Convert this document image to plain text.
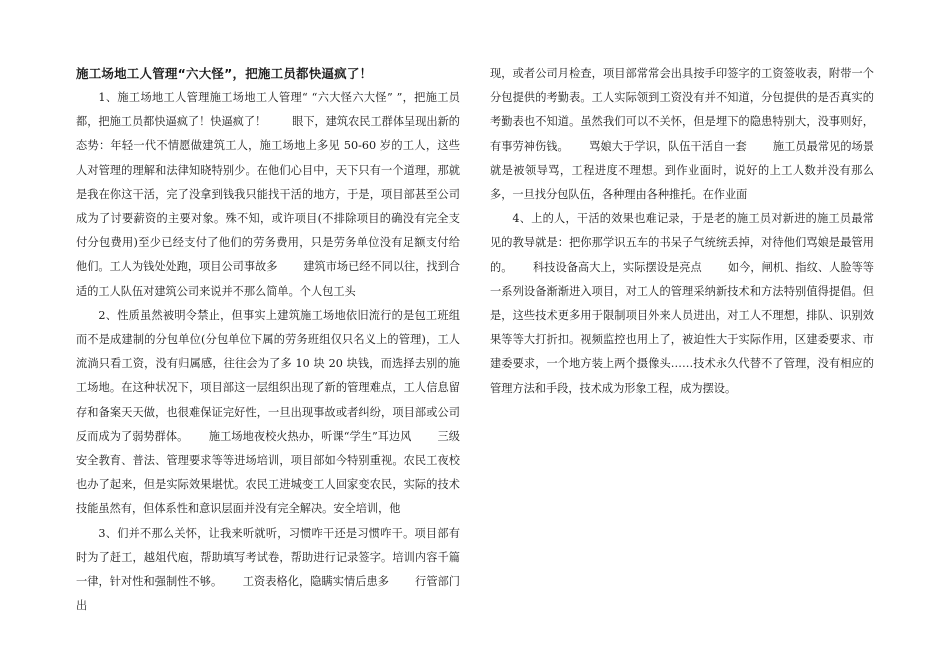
施工场地工人管理“六大怪”，把施工员都快逼疯了！

1、施工场地工人管理施工场地工人管理“ “六大怪六大怪” ”，把施工员都，把施工员都快逼疯了！快逼疯了！　　 眼下，建筑农民工群体呈现出新的态势：年轻一代不情愿做建筑工人，施工场地上多见 50-60 岁的工人，这些人对管理的理解和法律知晓特别少。在他们心目中，天下只有一个道理，那就是我在你这干活，完了没拿到钱我只能找干活的地方，于是，项目部甚至公司成为了讨要薪资的主要对象。殊不知，或许项目(不排除项目的确没有完全支付分包费用)至少已经支付了他们的劳务费用，只是劳务单位没有足额支付给他们。工人为钱处处跑，项目公司事故多　　 建筑市场已经不同以往，找到合适的工人队伍对建筑公司来说并不那么简单。个人包工头

2、性质虽然被明令禁止，但事实上建筑施工场地依旧流行的是包工班组而不是成建制的分包单位(分包单位下属的劳务班组仅只名义上的管理)，工人流淌只看工资，没有归属感，往往会为了多 10 块 20 块钱，而选择去别的施工场地。在这种状况下，项目部这一层组织出现了新的管理难点，工人信息留存和备案天天做，也很难保证完好性，一旦出现事故或者纠纷，项目部或公司反而成为了弱势群体。　　 施工场地夜校火热办，听课“学生”耳边风　　 三级安全教育、普法、管理要求等等进场培训，项目部如今特别重视。农民工夜校也办了起来，但是实际效果堪忧。农民工进城变工人回家变农民，实际的技术技能虽然有，但体系性和意识层面并没有完全解决。安全培训，他

3、们并不那么关怀，让我来听就听，习惯咋干还是习惯咋干。项目部有时为了赶工，越俎代庖，帮助填写考试卷，帮助进行记录签字。培训内容千篇一律，针对性和强制性不够。　　 工资表格化，隐瞒实情后患多　　 行管部门出

现，或者公司月检查，项目部常常会出具按手印签字的工资签收表，附带一个分包提供的考勤表。工人实际领到工资没有并不知道，分包提供的是否真实的考勤表也不知道。虽然我们可以不关怀，但是埋下的隐患特别大，没事则好，有事劳神伤钱。　　 骂娘大于学识，队伍干活自一套　　 施工员最常见的场景就是被领导骂，工程进度不理想。到作业面时，说好的上工人数并没有那么多，一旦找分包队伍，各种理由各种推托。在作业面

4、上的人，干活的效果也难记录，于是老的施工员对新进的施工员最常见的教导就是：把你那学识五车的书呆子气统统丢掉，对待他们骂娘是最管用的。　　 科技设备高大上，实际摆设是亮点　　 如今，闸机、指纹、人脸等等一系列设备渐渐进入项目，对工人的管理采纳新技术和方法特别值得提倡。但是，这些技术更多用于限制项目外来人员进出，对工人不理想，排队、识别效果等等大打折扣。视频监控也用上了，被迫性大于实际作用，区建委要求、市建委要求，一个地方装上两个摄像头……技术永久代替不了管理，没有相应的管理方法和手段，技术成为形象工程，成为摆设。
